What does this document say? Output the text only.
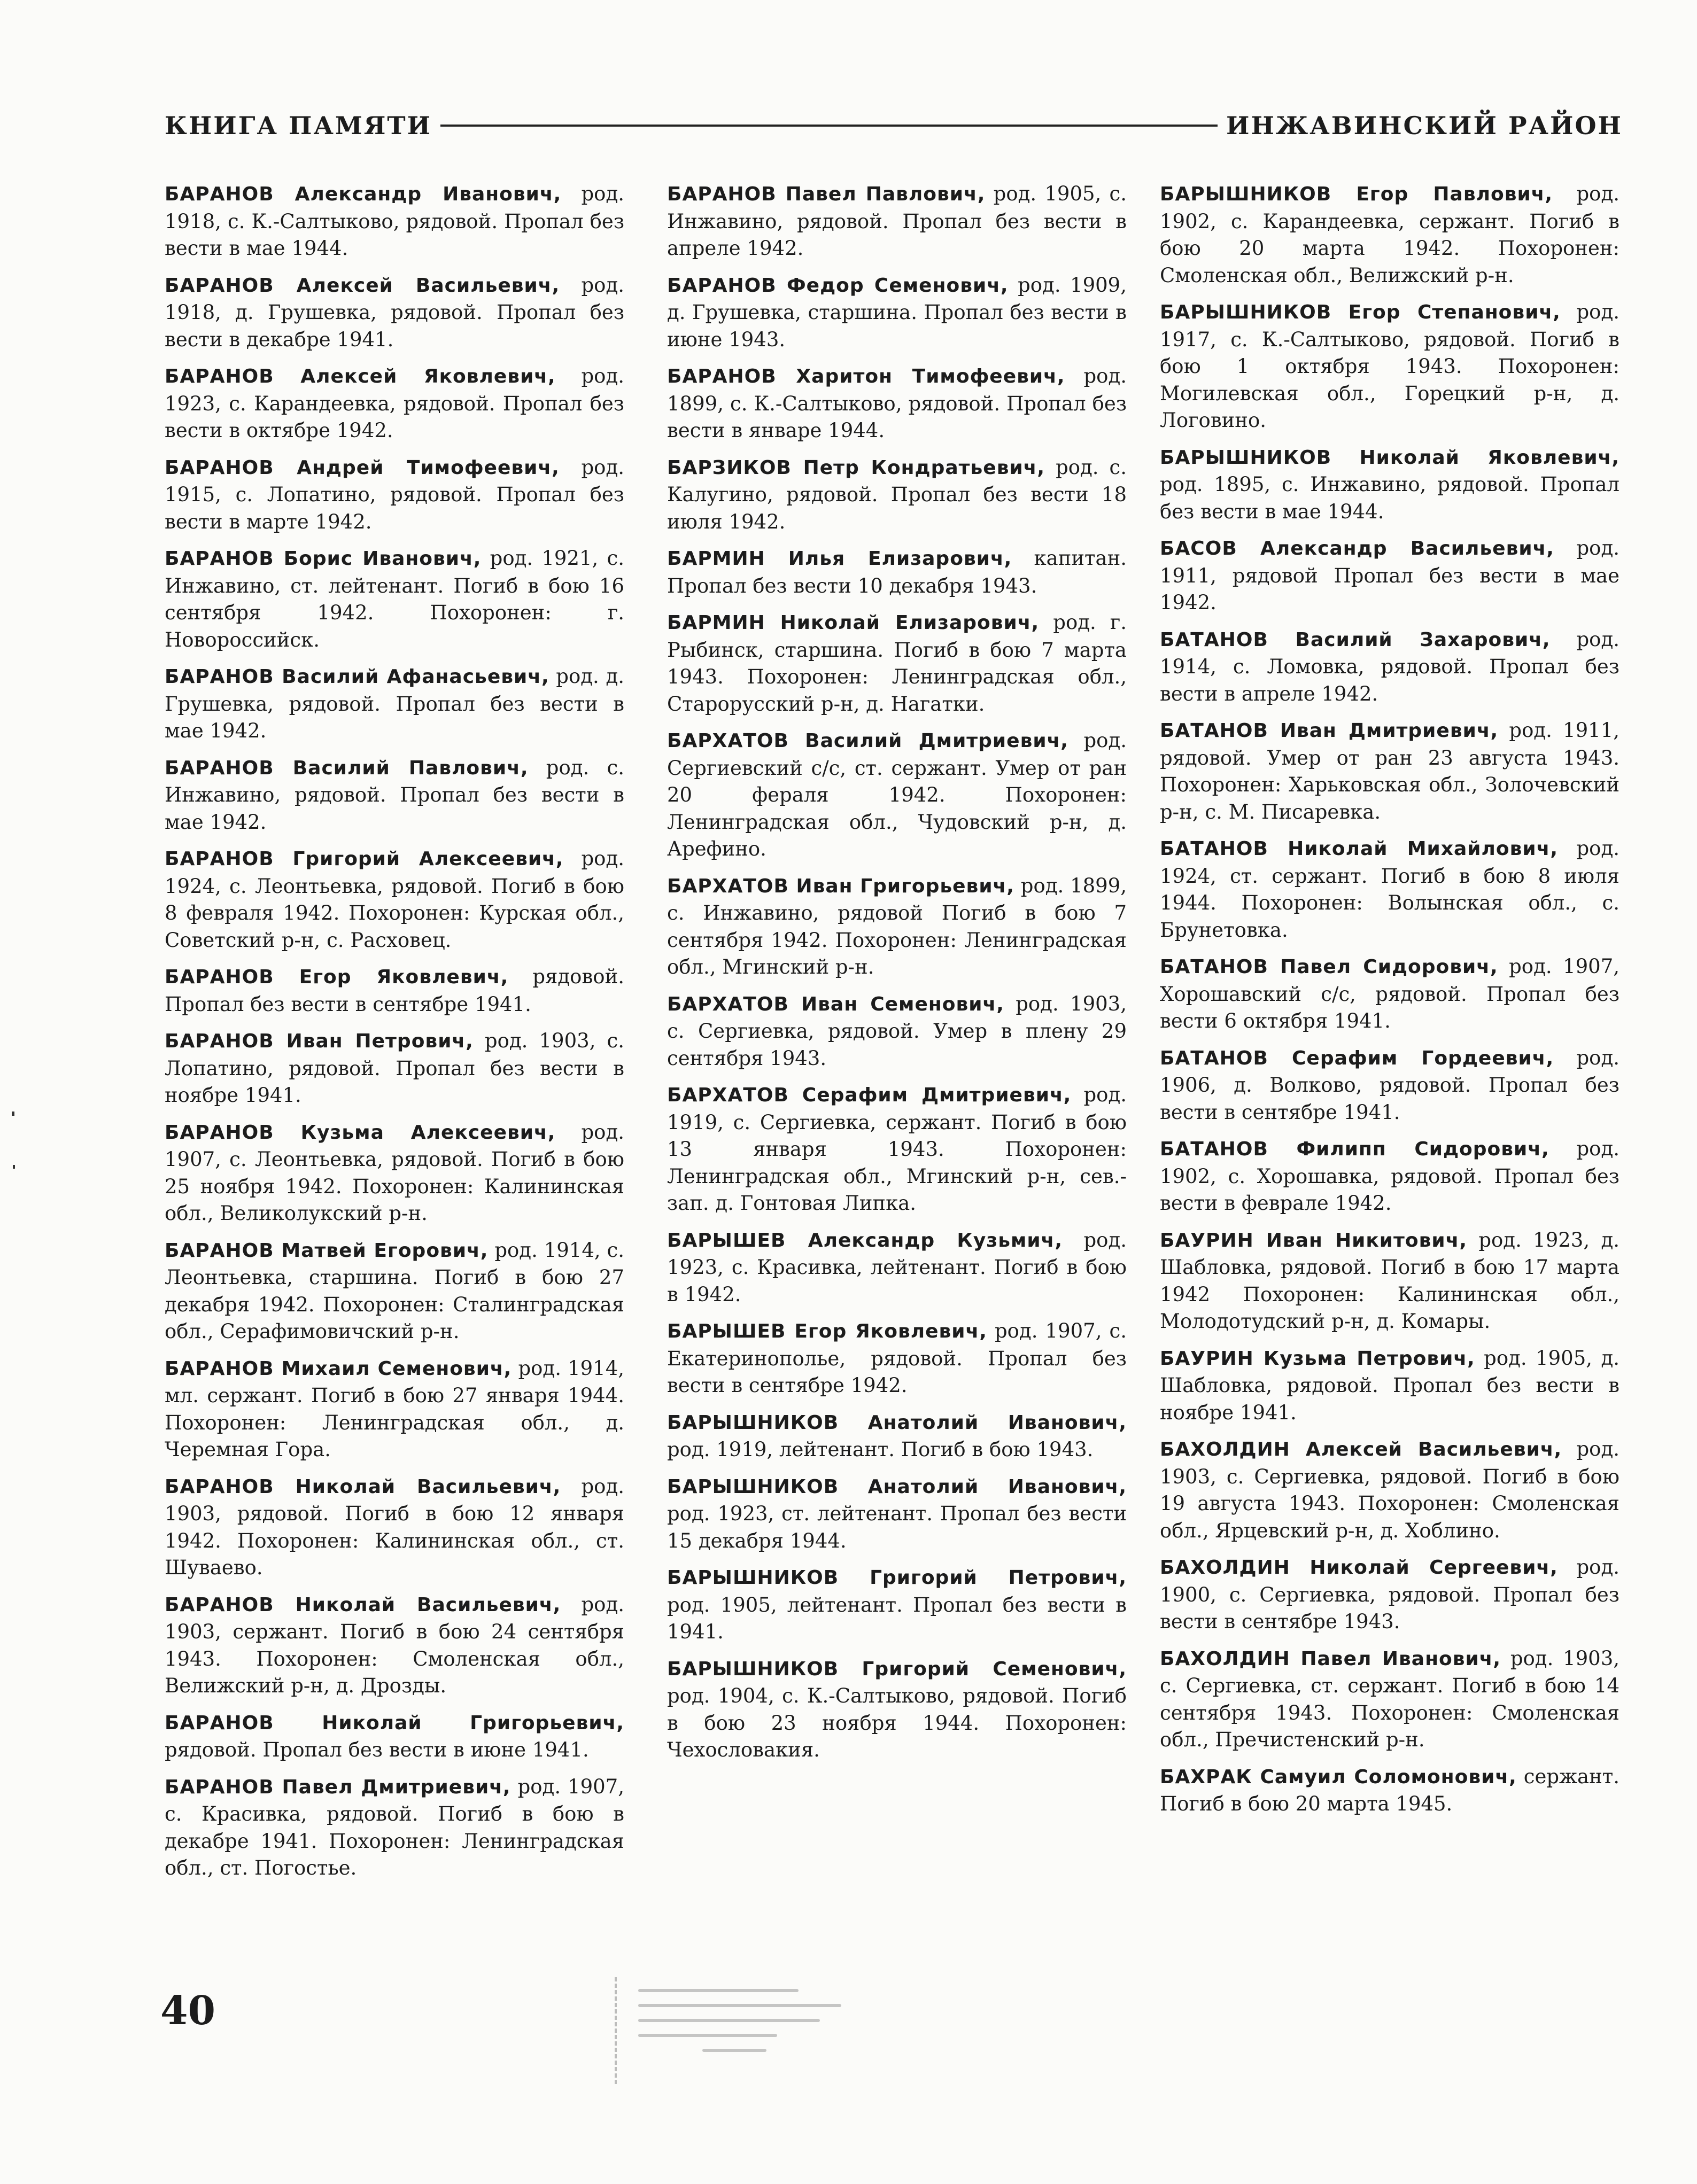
КНИГА ПАМЯТИ	ИНЖАВИНСКИЙ РАЙОН
БАРАНОВ Александр Иванович, род. 1918, с. К.-Салтыково, рядовой. Пропал без вести в мае 1944.
БАРАНОВ Алексей Васильевич, род. 1918, д. Грушевка, рядовой. Пропал без вести в декабре 1941.
БАРАНОВ Алексей Яковлевич, род. 1923, с. Карандеевка, рядовой. Пропал без вести в октябре 1942.
БАРАНОВ Андрей Тимофеевич, род. 1915, с. Лопатино, рядовой. Пропал без вести в марте 1942.
БАРАНОВ Борис Иванович, род. 1921, с. Инжавино, ст. лейтенант. Погиб в бою 16 сентября 1942. Похоронен: г. Новороссийск.
БАРАНОВ Василий Афанасьевич, род. д. Грушевка, рядовой. Пропал без вести в мае 1942.
БАРАНОВ Василий Павлович, род. с. Инжавино, рядовой. Пропал без вести в мае 1942.
БАРАНОВ Григорий Алексеевич, род. 1924, с. Леонтьевка, рядовой. Погиб в бою 8 февраля 1942. Похоронен: Курская обл., Советский р-н, с. Расховец.
БАРАНОВ Егор Яковлевич, рядовой. Пропал без вести в сентябре 1941.
БАРАНОВ Иван Петрович, род. 1903, с. Лопатино, рядовой. Пропал без вести в ноябре 1941.
БАРАНОВ Кузьма Алексеевич, род. 1907, с. Леонтьевка, рядовой. Погиб в бою 25 ноября 1942. Похоронен: Калининская обл., Великолукский р-н.
БАРАНОВ Матвей Егорович, род. 1914, с. Леонтьевка, старшина. Погиб в бою 27 декабря 1942. Похоронен: Сталинградская обл., Серафимовичский р-н.
БАРАНОВ Михаил Семенович, род. 1914, мл. сержант. Погиб в бою 27 января 1944. Похоронен: Ленинградская обл., д. Черемная Гора.
БАРАНОВ Николай Васильевич, род. 1903, рядовой. Погиб в бою 12 января 1942. Похоронен: Калининская обл., ст. Шуваево.
БАРАНОВ Николай Васильевич, род. 1903, сержант. Погиб в бою 24 сентября 1943. Похоронен: Смоленская обл., Велижский р-н, д. Дрозды.
БАРАНОВ Николай Григорьевич, рядовой. Пропал без вести в июне 1941.
БАРАНОВ Павел Дмитриевич, род. 1907, с. Красивка, рядовой. Погиб в бою в декабре 1941. Похоронен: Ленинградская обл., ст. Погостье.
БАРАНОВ Павел Павлович, род. 1905, с. Инжавино, рядовой. Пропал без вести в апреле 1942.
БАРАНОВ Федор Семенович, род. 1909, д. Грушевка, старшина. Пропал без вести в июне 1943.
БАРАНОВ Харитон Тимофеевич, род. 1899, с. К.-Салтыково, рядовой. Пропал без вести в январе 1944.
БАРЗИКОВ Петр Кондратьевич, род. с. Калугино, рядовой. Пропал без вести 18 июля 1942.
БАРМИН Илья Елизарович, капитан. Пропал без вести 10 декабря 1943.
БАРМИН Николай Елизарович, род. г. Рыбинск, старшина. Погиб в бою 7 марта 1943. Похоронен: Ленинградская обл., Старорусский р-н, д. Нагатки.
БАРХАТОВ Василий Дмитриевич, род. Сергиевский с/с, ст. сержант. Умер от ран 20 фераля 1942. Похоронен: Ленинградская обл., Чудовский р-н, д. Арефино.
БАРХАТОВ Иван Григорьевич, род. 1899, с. Инжавино, рядовой Погиб в бою 7 сентября 1942. Похоронен: Ленинградская обл., Мгинский р-н.
БАРХАТОВ Иван Семенович, род. 1903, с. Сергиевка, рядовой. Умер в плену 29 сентября 1943.
БАРХАТОВ Серафим Дмитриевич, род. 1919, с. Сергиевка, сержант. Погиб в бою 13 января 1943. Похоронен: Ленинградская обл., Мгинский р-н, сев.-зап. д. Гонтовая Липка.
БАРЫШЕВ Александр Кузьмич, род. 1923, с. Красивка, лейтенант. Погиб в бою в 1942.
БАРЫШЕВ Егор Яковлевич, род. 1907, с. Екатеринополье, рядовой. Пропал без вести в сентябре 1942.
БАРЫШНИКОВ Анатолий Иванович, род. 1919, лейтенант. Погиб в бою 1943.
БАРЫШНИКОВ Анатолий Иванович, род. 1923, ст. лейтенант. Пропал без вести 15 декабря 1944.
БАРЫШНИКОВ Григорий Петрович, род. 1905, лейтенант. Пропал без вести в 1941.
БАРЫШНИКОВ Григорий Семенович, род. 1904, с. К.-Салтыково, рядовой. Погиб в бою 23 ноября 1944. Похоронен: Чехословакия.
БАРЫШНИКОВ Егор Павлович, род. 1902, с. Карандеевка, сержант. Погиб в бою 20 марта 1942. Похоронен: Смоленская обл., Велижский р-н.
БАРЫШНИКОВ Егор Степанович, род. 1917, с. К.-Салтыково, рядовой. Погиб в бою 1 октября 1943. Похоронен: Могилевская обл., Горецкий р-н, д. Логовино.
БАРЫШНИКОВ Николай Яковлевич, род. 1895, с. Инжавино, рядовой. Пропал без вести в мае 1944.
БАСОВ Александр Васильевич, род. 1911, рядовой Пропал без вести в мае 1942.
БАТАНОВ Василий Захарович, род. 1914, с. Ломовка, рядовой. Пропал без вести в апреле 1942.
БАТАНОВ Иван Дмитриевич, род. 1911, рядовой. Умер от ран 23 августа 1943. Похоронен: Харьковская обл., Золочевский р-н, с. М. Писаревка.
БАТАНОВ Николай Михайлович, род. 1924, ст. сержант. Погиб в бою 8 июля 1944. Похоронен: Волынская обл., с. Брунетовка.
БАТАНОВ Павел Сидорович, род. 1907, Хорошавский с/с, рядовой. Пропал без вести 6 октября 1941.
БАТАНОВ Серафим Гордеевич, род. 1906, д. Волково, рядовой. Пропал без вести в сентябре 1941.
БАТАНОВ Филипп Сидорович, род. 1902, с. Хорошавка, рядовой. Пропал без вести в феврале 1942.
БАУРИН Иван Никитович, род. 1923, д. Шабловка, рядовой. Погиб в бою 17 марта 1942 Похоронен: Калининская обл., Молодотудский р-н, д. Комары.
БАУРИН Кузьма Петрович, род. 1905, д. Шабловка, рядовой. Пропал без вести в ноябре 1941.
БАХОЛДИН Алексей Васильевич, род. 1903, с. Сергиевка, рядовой. Погиб в бою 19 августа 1943. Похоронен: Смоленская обл., Ярцевский р-н, д. Хоблино.
БАХОЛДИН Николай Сергеевич, род. 1900, с. Сергиевка, рядовой. Пропал без вести в сентябре 1943.
БАХОЛДИН Павел Иванович, род. 1903, с. Сергиевка, ст. сержант. Погиб в бою 14 сентября 1943. Похоронен: Смоленская обл., Пречистенский р-н.
БАХРАК Самуил Соломонович, сержант. Погиб в бою 20 марта 1945.
40
